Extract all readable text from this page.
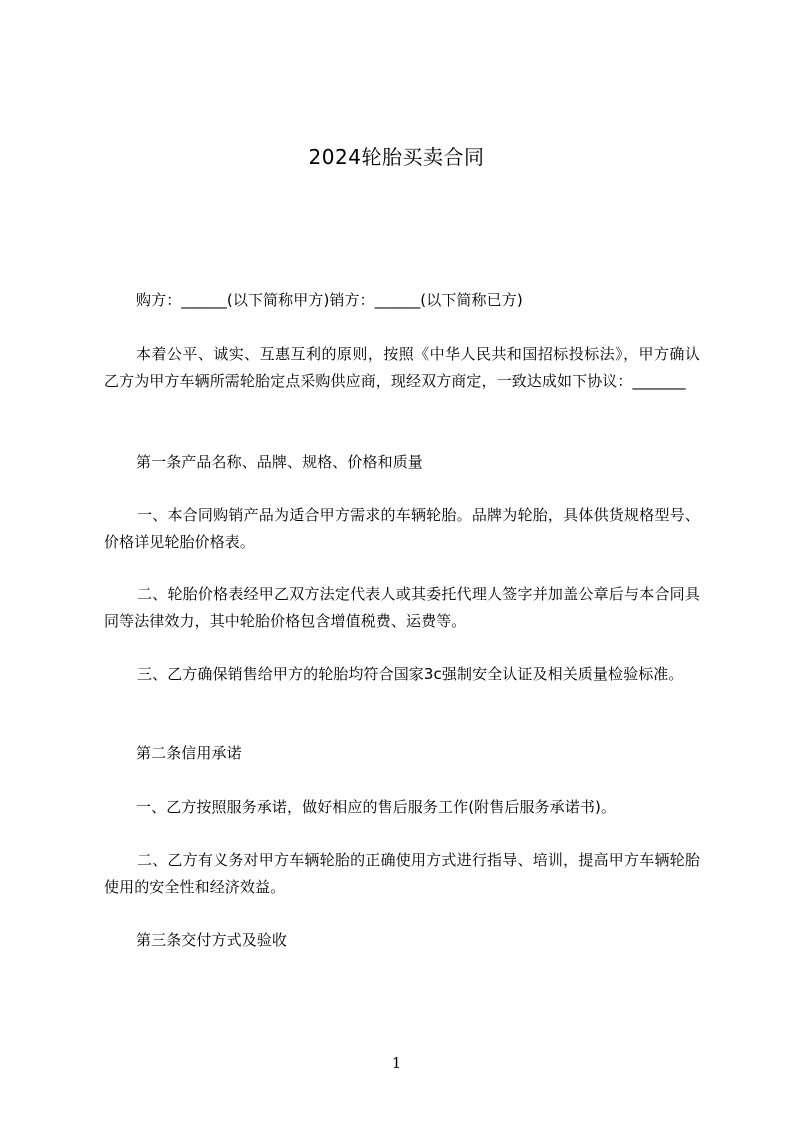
2024轮胎买卖合同

购方：______(以下简称甲方)销方：______(以下简称已方)

本着公平、诚实、互惠互利的原则，按照《中华人民共和国招标投标法》，甲方确认乙方为甲方车辆所需轮胎定点采购供应商，现经双方商定，一致达成如下协议：_______

第一条产品名称、品牌、规格、价格和质量

一、本合同购销产品为适合甲方需求的车辆轮胎。品牌为轮胎，具体供货规格型号、价格详见轮胎价格表。

二、轮胎价格表经甲乙双方法定代表人或其委托代理人签字并加盖公章后与本合同具同等法律效力，其中轮胎价格包含增值税费、运费等。

三、乙方确保销售给甲方的轮胎均符合国家3c强制安全认证及相关质量检验标准。

第二条信用承诺

一、乙方按照服务承诺，做好相应的售后服务工作(附售后服务承诺书)。

二、乙方有义务对甲方车辆轮胎的正确使用方式进行指导、培训，提高甲方车辆轮胎使用的安全性和经济效益。

第三条交付方式及验收

1
